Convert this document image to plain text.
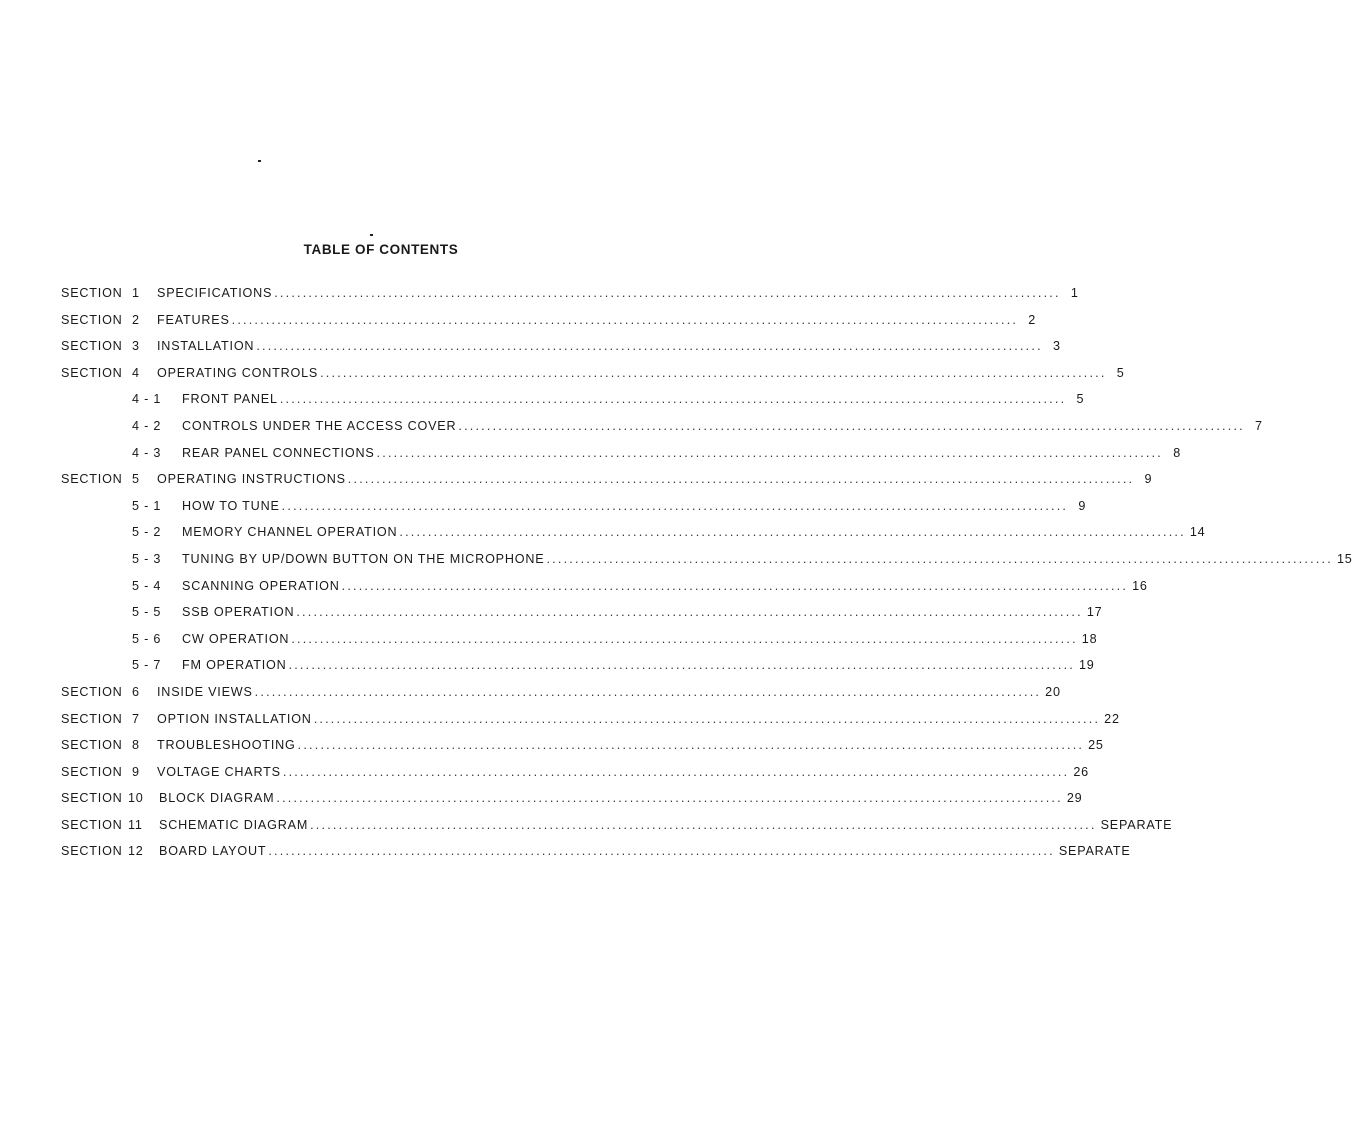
TABLE OF CONTENTS
SECTION 1 SPECIFICATIONS .......................................................................................................................................... 1
SECTION 2 FEATURES .......................................................................................................................................... 2
SECTION 3 INSTALLATION .......................................................................................................................................... 3
SECTION 4 OPERATING CONTROLS .......................................................................................................................................... 5
4 - 1 FRONT PANEL .......................................................................................................................................... 5
4 - 2 CONTROLS UNDER THE ACCESS COVER .......................................................................................................................................... 7
4 - 3 REAR PANEL CONNECTIONS .......................................................................................................................................... 8
SECTION 5 OPERATING INSTRUCTIONS .......................................................................................................................................... 9
5 - 1 HOW TO TUNE .......................................................................................................................................... 9
5 - 2 MEMORY CHANNEL OPERATION .......................................................................................................................................... 14
5 - 3 TUNING BY UP/DOWN BUTTON ON THE MICROPHONE .......................................................................................................................................... 15
5 - 4 SCANNING OPERATION .......................................................................................................................................... 16
5 - 5 SSB OPERATION .......................................................................................................................................... 17
5 - 6 CW OPERATION .......................................................................................................................................... 18
5 - 7 FM OPERATION .......................................................................................................................................... 19
SECTION 6 INSIDE VIEWS .......................................................................................................................................... 20
SECTION 7 OPTION INSTALLATION .......................................................................................................................................... 22
SECTION 8 TROUBLESHOOTING .......................................................................................................................................... 25
SECTION 9 VOLTAGE CHARTS .......................................................................................................................................... 26
SECTION 10 BLOCK DIAGRAM .......................................................................................................................................... 29
SECTION 11 SCHEMATIC DIAGRAM .......................................................................................................................................... SEPARATE
SECTION 12 BOARD LAYOUT .......................................................................................................................................... SEPARATE
